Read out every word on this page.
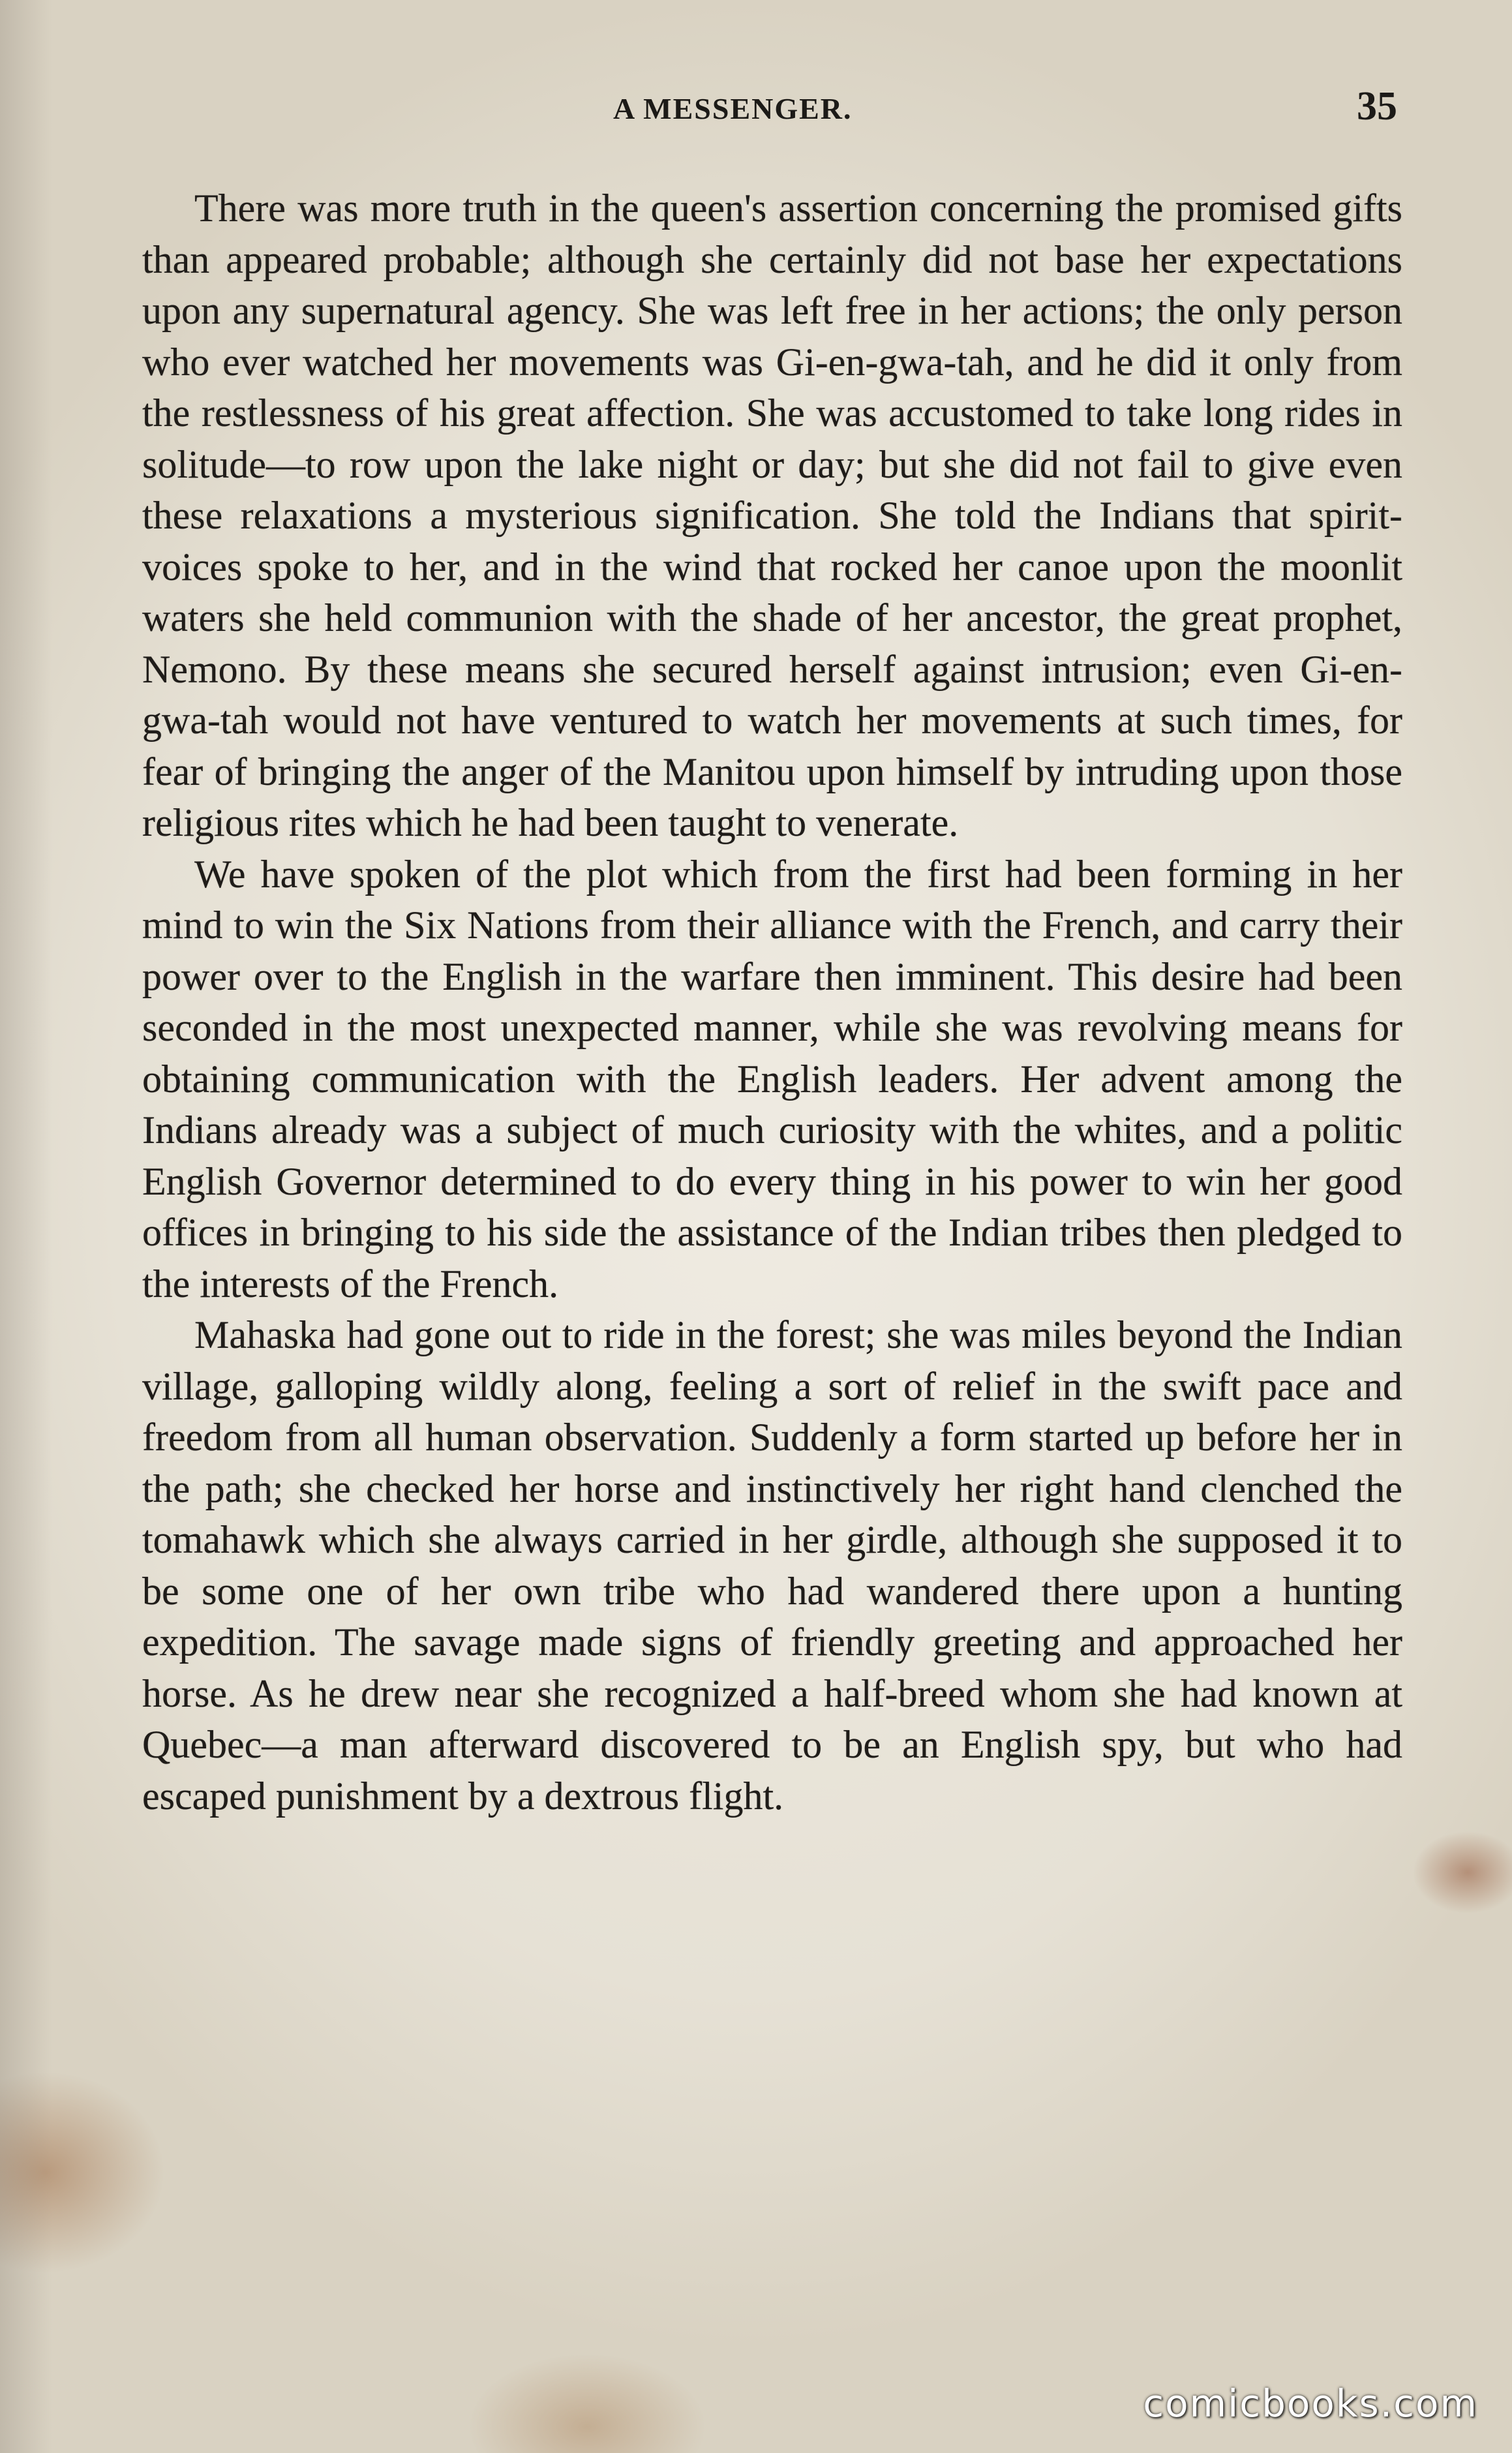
A MESSENGER.	35

There was more truth in the queen's assertion concerning the promised gifts than appeared probable; although she certainly did not base her expectations upon any supernatural agency. She was left free in her actions; the only person who ever watched her movements was Gi-en-gwa-tah, and he did it only from the restlessness of his great affection. She was accustomed to take long rides in solitude—to row upon the lake night or day; but she did not fail to give even these relaxations a mysterious signification. She told the Indians that spirit-voices spoke to her, and in the wind that rocked her canoe upon the moonlit waters she held communion with the shade of her ancestor, the great prophet, Nemono. By these means she secured herself against intrusion; even Gi-en-gwa-tah would not have ventured to watch her movements at such times, for fear of bringing the anger of the Manitou upon himself by intruding upon those religious rites which he had been taught to venerate.

We have spoken of the plot which from the first had been forming in her mind to win the Six Nations from their alliance with the French, and carry their power over to the English in the warfare then imminent. This desire had been seconded in the most unexpected manner, while she was revolving means for obtaining communication with the English leaders. Her advent among the Indians already was a subject of much curiosity with the whites, and a politic English Governor determined to do every thing in his power to win her good offices in bringing to his side the assistance of the Indian tribes then pledged to the interests of the French.

Mahaska had gone out to ride in the forest; she was miles beyond the Indian village, galloping wildly along, feeling a sort of relief in the swift pace and freedom from all human observation. Suddenly a form started up before her in the path; she checked her horse and instinctively her right hand clenched the tomahawk which she always carried in her girdle, although she supposed it to be some one of her own tribe who had wandered there upon a hunting expedition. The savage made signs of friendly greeting and approached her horse. As he drew near she recognized a half-breed whom she had known at Quebec—a man afterward discovered to be an English spy, but who had escaped punishment by a dextrous flight.

comicbooks.com
